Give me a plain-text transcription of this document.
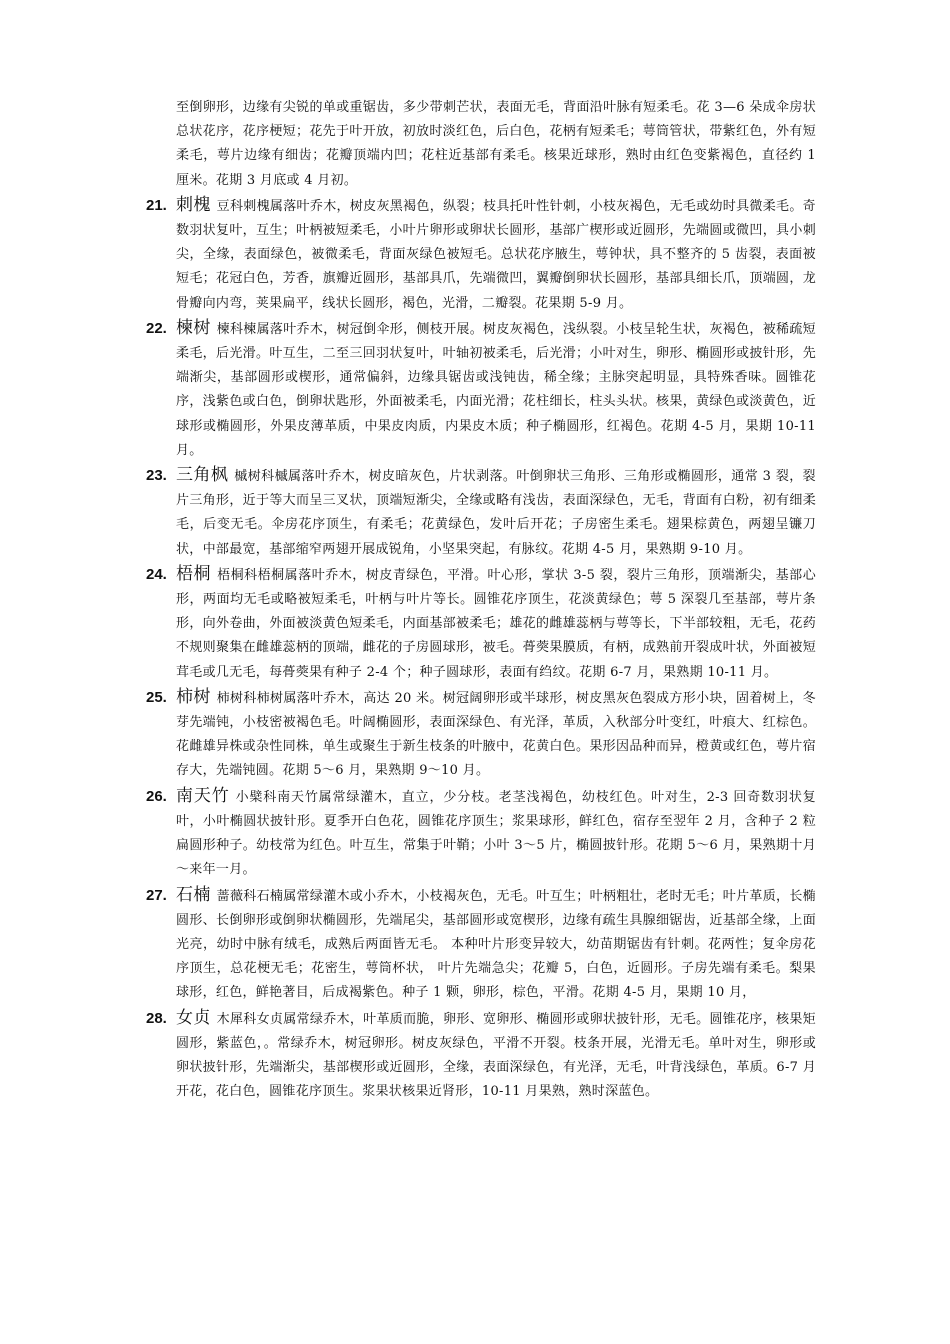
至倒卵形，边缘有尖锐的单或重锯齿，多少带刺芒状，表面无毛，背面沿叶脉有短柔毛。花 3—6 朵成伞房状总状花序，花序梗短；花先于叶开放，初放时淡红色，后白色，花柄有短柔毛；萼筒管状，带紫红色，外有短柔毛，萼片边缘有细齿；花瓣顶端内凹；花柱近基部有柔毛。核果近球形，熟时由红色变紫褐色，直径约 1 厘米。花期 3 月底或 4 月初。

21. 刺槐 豆科刺槐属落叶乔木，树皮灰黑褐色，纵裂；枝具托叶性针刺，小枝灰褐色，无毛或幼时具微柔毛。奇数羽状复叶，互生；叶柄被短柔毛，小叶片卵形或卵状长圆形，基部广楔形或近圆形，先端圆或微凹，具小刺尖，全缘，表面绿色，被微柔毛，背面灰绿色被短毛。总状花序腋生，萼钟状，具不整齐的 5 齿裂，表面被短毛；花冠白色，芳香，旗瓣近圆形，基部具爪，先端微凹，翼瓣倒卵状长圆形，基部具细长爪，顶端圆，龙骨瓣向内弯，荚果扁平，线状长圆形，褐色，光滑，二瓣裂。花果期 5-9 月。

22. 楝树 楝科楝属落叶乔木，树冠倒伞形，侧枝开展。树皮灰褐色，浅纵裂。小枝呈轮生状，灰褐色，被稀疏短柔毛，后光滑。叶互生，二至三回羽状复叶，叶轴初被柔毛，后光滑；小叶对生，卵形、椭圆形或披针形，先端渐尖，基部圆形或楔形，通常偏斜，边缘具锯齿或浅钝齿，稀全缘；主脉突起明显，具特殊香味。圆锥花序，浅紫色或白色，倒卵状匙形，外面被柔毛，内面光滑；花柱细长，柱头头状。核果，黄绿色或淡黄色，近球形或椭圆形，外果皮薄革质，中果皮肉质，内果皮木质；种子椭圆形，红褐色。花期 4-5 月，果期 10-11 月。

23. 三角枫 槭树科槭属落叶乔木，树皮暗灰色，片状剥落。叶倒卵状三角形、三角形或椭圆形，通常 3 裂，裂片三角形，近于等大而呈三叉状，顶端短渐尖，全缘或略有浅齿，表面深绿色，无毛，背面有白粉，初有细柔毛，后变无毛。伞房花序顶生，有柔毛；花黄绿色，发叶后开花；子房密生柔毛。翅果棕黄色，两翅呈镰刀状，中部最宽，基部缩窄两翅开展成锐角，小坚果突起，有脉纹。花期 4-5 月，果熟期 9-10 月。

24. 梧桐 梧桐科梧桐属落叶乔木，树皮青绿色，平滑。叶心形，掌状 3-5 裂，裂片三角形，顶端渐尖，基部心形，两面均无毛或略被短柔毛，叶柄与叶片等长。圆锥花序顶生，花淡黄绿色；萼 5 深裂几至基部，萼片条形，向外卷曲，外面被淡黄色短柔毛，内面基部被柔毛；雄花的雌雄蕊柄与萼等长，下半部较粗，无毛，花药不规则聚集在雌雄蕊柄的顶端，雌花的子房圆球形，被毛。蓇葖果膜质，有柄，成熟前开裂成叶状，外面被短茸毛或几无毛，每蓇葖果有种子 2-4 个；种子圆球形，表面有绉纹。花期 6-7 月，果熟期 10-11 月。

25. 柿树 柿树科柿树属落叶乔木，高达 20 米。树冠阔卵形或半球形，树皮黑灰色裂成方形小块，固着树上，冬芽先端钝，小枝密被褐色毛。叶阔椭圆形，表面深绿色、有光泽，革质，入秋部分叶变红，叶痕大、红棕色。花雌雄异株或杂性同株，单生或聚生于新生枝条的叶腋中，花黄白色。果形因品种而异，橙黄或红色，萼片宿存大，先端钝圆。花期 5～6 月，果熟期 9～10 月。

26. 南天竹 小檗科南天竹属常绿灌木，直立，少分枝。老茎浅褐色，幼枝红色。叶对生，2-3 回奇数羽状复叶，小叶椭圆状披针形。夏季开白色花，圆锥花序顶生；浆果球形，鲜红色，宿存至翌年 2 月，含种子 2 粒扁圆形种子。幼枝常为红色。叶互生，常集于叶鞘；小叶 3～5 片，椭圆披针形。花期 5～6 月，果熟期十月～来年一月。

27. 石楠 蔷薇科石楠属常绿灌木或小乔木，小枝褐灰色，无毛。叶互生；叶柄粗壮，老时无毛；叶片革质，长椭圆形、长倒卵形或倒卵状椭圆形，先端尾尖，基部圆形或宽楔形，边缘有疏生具腺细锯齿，近基部全缘，上面光亮，幼时中脉有绒毛，成熟后两面皆无毛。 本种叶片形变异较大，幼苗期锯齿有针刺。花两性；复伞房花序顶生，总花梗无毛；花密生，萼筒杯状， 叶片先端急尖；花瓣 5，白色，近圆形。子房先端有柔毛。梨果球形，红色，鲜艳著目，后成褐紫色。种子 1 颗，卵形，棕色，平滑。花期 4-5 月，果期 10 月，

28. 女贞 木犀科女贞属常绿乔木，叶革质而脆，卵形、宽卵形、椭圆形或卵状披针形，无毛。圆锥花序，核果矩圆形，紫蓝色，。常绿乔木，树冠卵形。树皮灰绿色，平滑不开裂。枝条开展，光滑无毛。单叶对生，卵形或卵状披针形，先端渐尖，基部楔形或近圆形，全缘，表面深绿色，有光泽，无毛，叶背浅绿色，革质。6-7 月开花，花白色，圆锥花序顶生。浆果状核果近肾形，10-11 月果熟，熟时深蓝色。
